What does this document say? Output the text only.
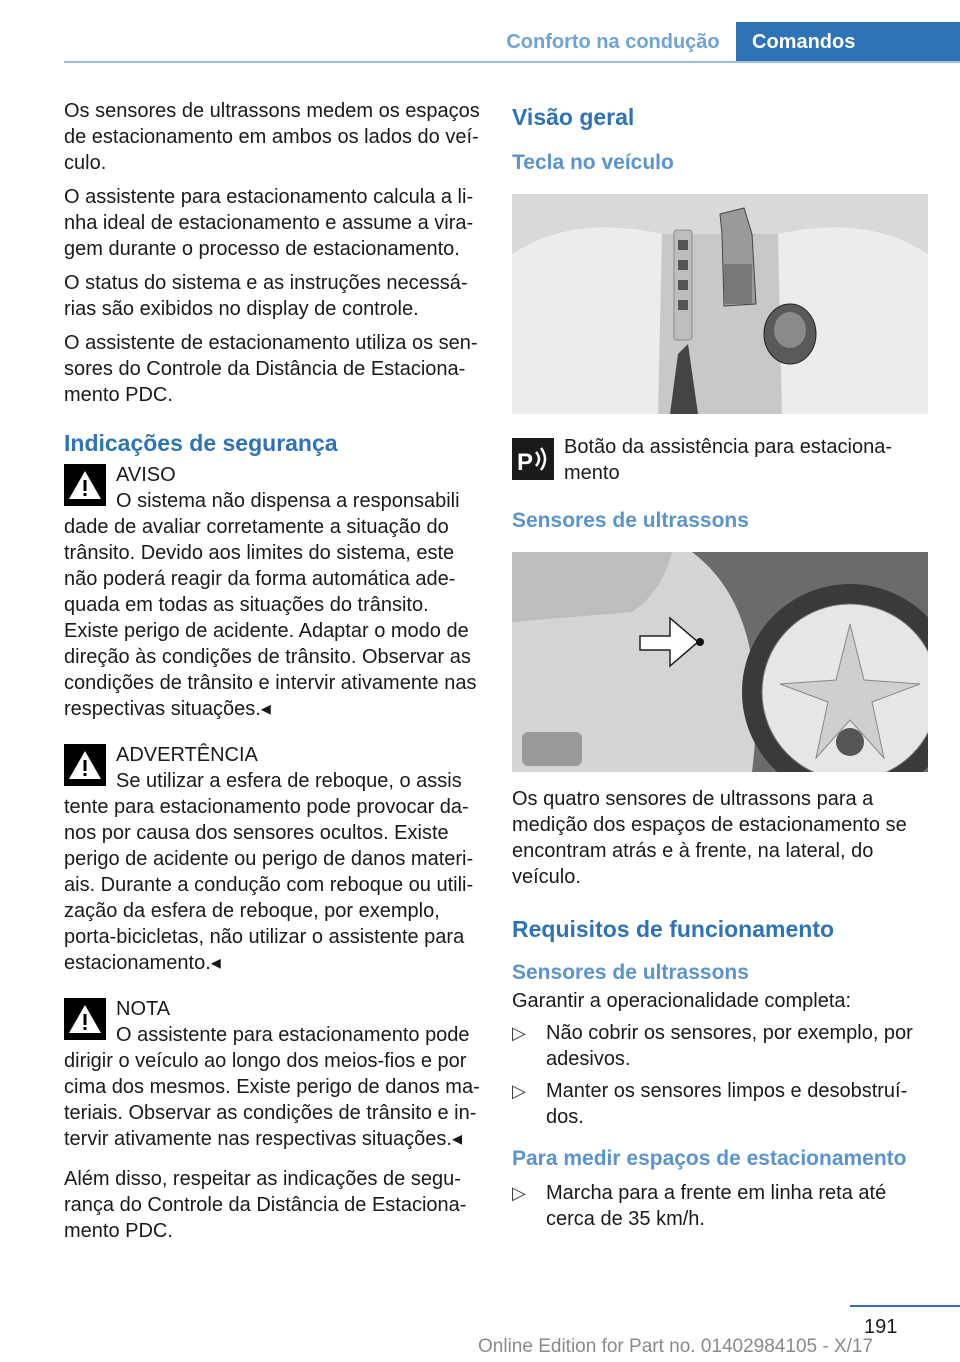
Conforto na condução	Comandos

Os sensores de ultrassons medem os espaços de estacionamento em ambos os lados do veículo.

O assistente para estacionamento calcula a linha ideal de estacionamento e assume a viragem durante o processo de estacionamento.

O status do sistema e as instruções necessárias são exibidos no display de controle.

O assistente de estacionamento utiliza os sensores do Controle da Distância de Estacionamento PDC.

Indicações de segurança

AVISO

O sistema não dispensa a responsabili

dade de avaliar corretamente a situação do trânsito. Devido aos limites do sistema, este não poderá reagir da forma automática adequada em todas as situações do trânsito. Existe perigo de acidente. Adaptar o modo de direção às condições de trânsito. Observar as condições de trânsito e intervir ativamente nas respectivas situações.◂

ADVERTÊNCIA

Se utilizar a esfera de reboque, o assis

tente para estacionamento pode provocar danos por causa dos sensores ocultos. Existe perigo de acidente ou perigo de danos materiais. Durante a condução com reboque ou utilização da esfera de reboque, por exemplo, porta-bicicletas, não utilizar o assistente para estacionamento.◂

NOTA

O assistente para estacionamento pode

dirigir o veículo ao longo dos meios-fios e por cima dos mesmos. Existe perigo de danos materiais. Observar as condições de trânsito e intervir ativamente nas respectivas situações.◂

Além disso, respeitar as indicações de segurança do Controle da Distância de Estacionamento PDC.

Visão geral
Tecla no veículo
P

Botão da assistência para estacionamento

Sensores de ultrassons

Os quatro sensores de ultrassons para a medição dos espaços de estacionamento se encontram atrás e à frente, na lateral, do veículo.

Requisitos de funcionamento
Sensores de ultrassons

Garantir a operacionalidade completa:

▷ Não cobrir os sensores, por exemplo, por adesivos.
▷ Manter os sensores limpos e desobstruídos.
Para medir espaços de estacionamento
▷ Marcha para a frente em linha reta até cerca de 35 km/h.
191
Online Edition for Part no. 01402984105 - X/17
